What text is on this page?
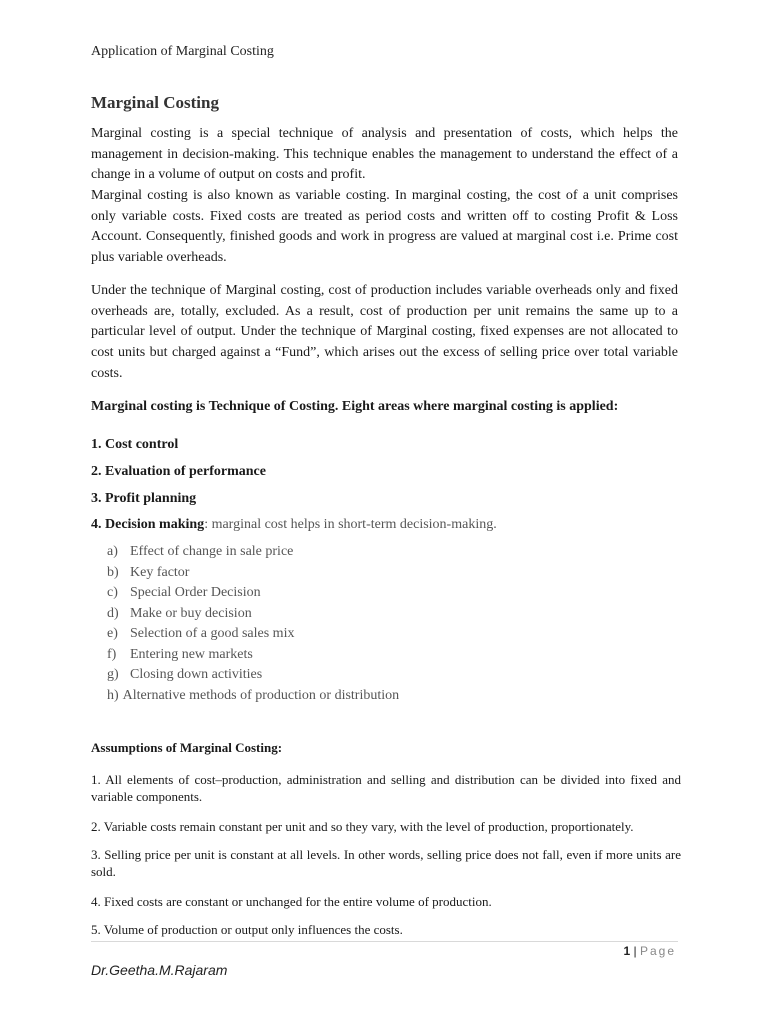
Application of Marginal Costing
Marginal Costing
Marginal costing is a special technique of analysis and presentation of costs, which helps the management in decision-making. This technique enables the management to understand the effect of a change in a volume of output on costs and profit.
Marginal costing is also known as variable costing. In marginal costing, the cost of a unit comprises only variable costs. Fixed costs are treated as period costs and written off to costing Profit & Loss Account. Consequently, finished goods and work in progress are valued at marginal cost i.e. Prime cost plus variable overheads.
Under the technique of Marginal costing, cost of production includes variable overheads only and fixed overheads are, totally, excluded. As a result, cost of production per unit remains the same up to a particular level of output. Under the technique of Marginal costing, fixed expenses are not allocated to cost units but charged against a “Fund”, which arises out the excess of selling price over total variable costs.
Marginal costing is Technique of Costing. Eight areas where marginal costing is applied:
1. Cost control
2. Evaluation of performance
3. Profit planning
4. Decision making: marginal cost helps in short-term decision-making.
a) Effect of change in sale price
b) Key factor
c) Special Order Decision
d) Make or buy decision
e) Selection of a good sales mix
f) Entering new markets
g) Closing down activities
h) Alternative methods of production or distribution
Assumptions of Marginal Costing:
1. All elements of cost–production, administration and selling and distribution can be divided into fixed and variable components.
2. Variable costs remain constant per unit and so they vary, with the level of production, proportionately.
3. Selling price per unit is constant at all levels. In other words, selling price does not fall, even if more units are sold.
4. Fixed costs are constant or unchanged for the entire volume of production.
5. Volume of production or output only influences the costs.
1 | Page
Dr.Geetha.M.Rajaram
